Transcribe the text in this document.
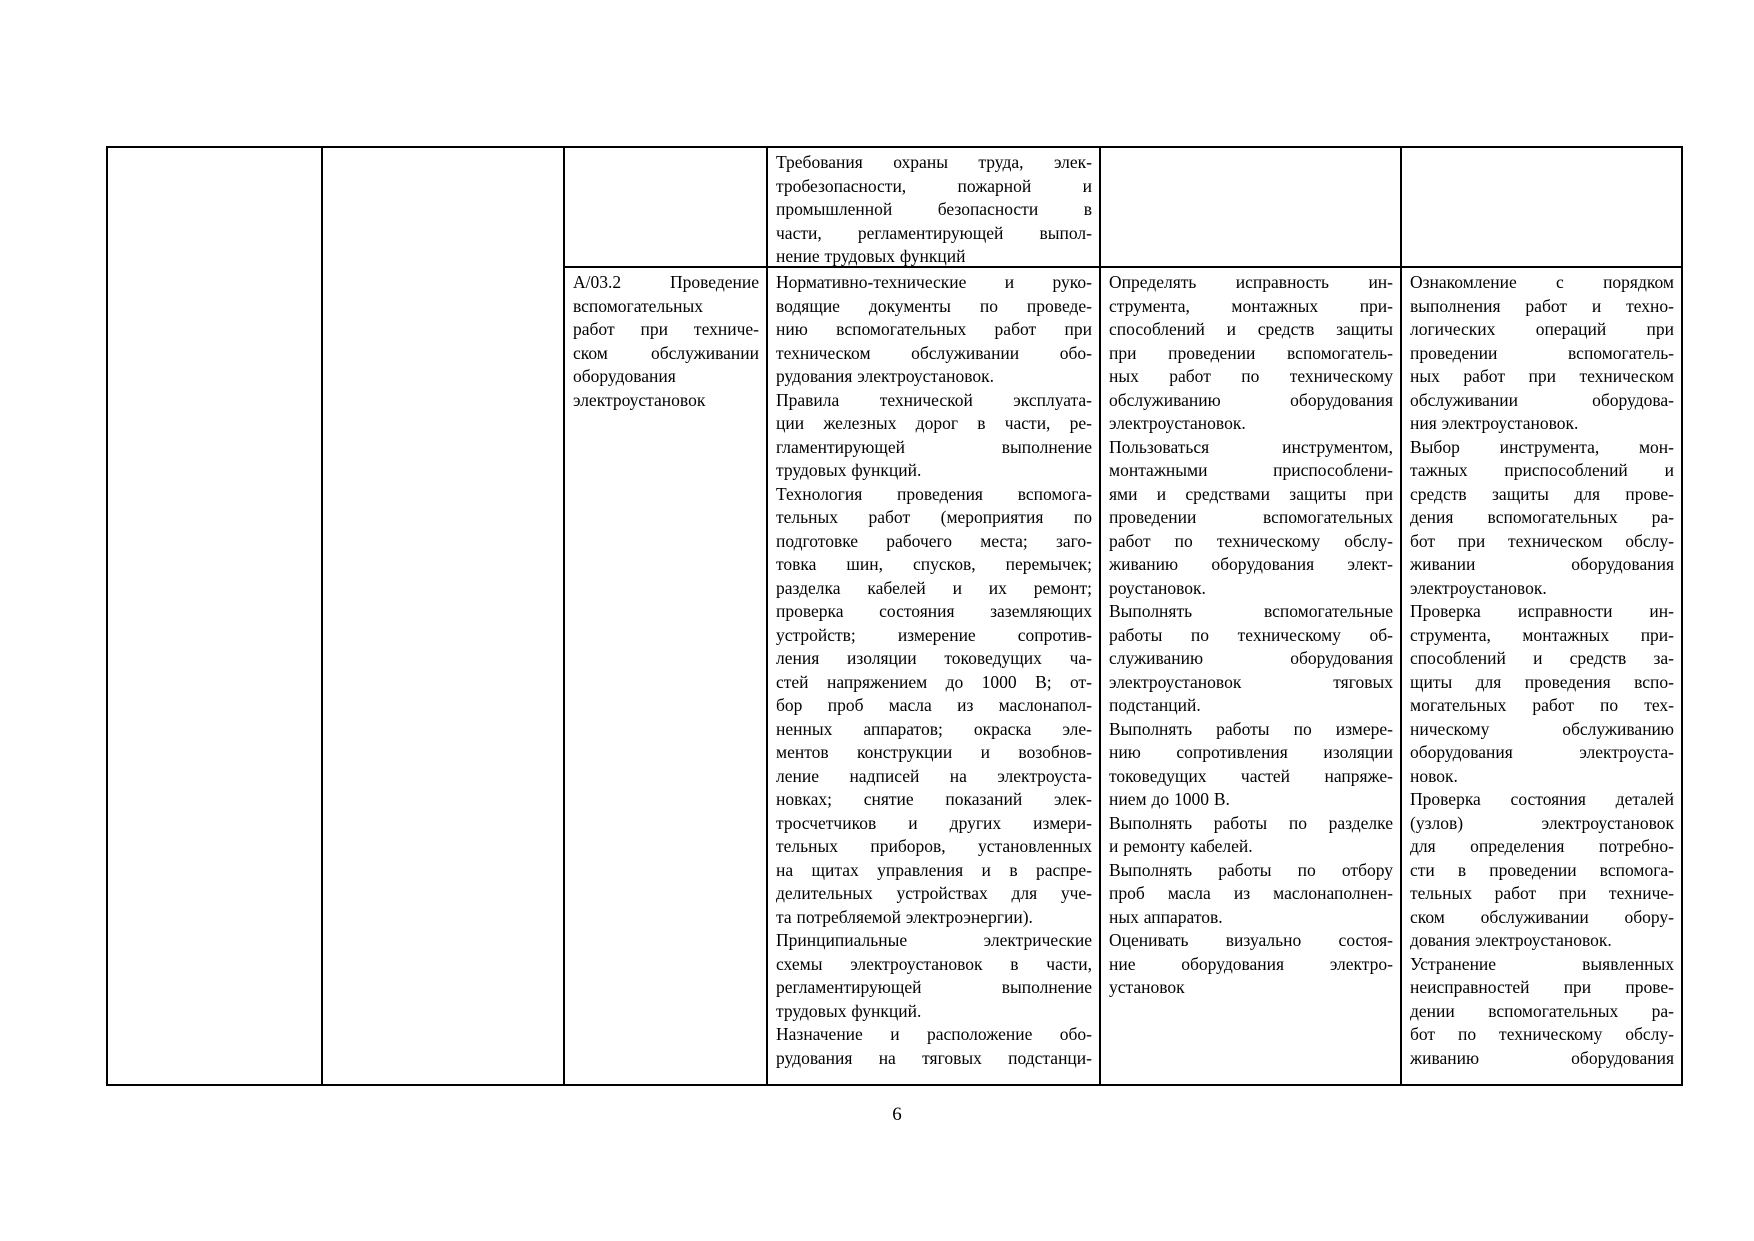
Требования охраны труда, элек-
тробезопасности, пожарной и
промышленной безопасности в
части, регламентирующей выпол-
нение трудовых функций
А/03.2 Проведение
вспомогательных
работ при техниче-
ском обслуживании
оборудования
электроустановок
Нормативно-технические и руко-
водящие документы по проведе-
нию вспомогательных работ при
техническом обслуживании обо-
рудования электроустановок.
Правила технической эксплуата-
ции железных дорог в части, ре-
гламентирующей выполнение
трудовых функций.
Технология проведения вспомога-
тельных работ (мероприятия по
подготовке рабочего места; заго-
товка шин, спусков, перемычек;
разделка кабелей и их ремонт;
проверка состояния заземляющих
устройств; измерение сопротив-
ления изоляции токоведущих ча-
стей напряжением до 1000 В; от-
бор проб масла из маслонапол-
ненных аппаратов; окраска эле-
ментов конструкции и возобнов-
ление надписей на электроуста-
новках; снятие показаний элек-
тросчетчиков и других измери-
тельных приборов, установленных
на щитах управления и в распре-
делительных устройствах для уче-
та потребляемой электроэнергии).
Принципиальные электрические
схемы электроустановок в части,
регламентирующей выполнение
трудовых функций.
Назначение и расположение обо-
рудования на тяговых подстанци-
Определять исправность ин-
струмента, монтажных при-
способлений и средств защиты
при проведении вспомогатель-
ных работ по техническому
обслуживанию оборудования
электроустановок.
Пользоваться инструментом,
монтажными приспособлени-
ями и средствами защиты при
проведении вспомогательных
работ по техническому обслу-
живанию оборудования элект-
роустановок.
Выполнять вспомогательные
работы по техническому об-
служиванию оборудования
электроустановок тяговых
подстанций.
Выполнять работы по измере-
нию сопротивления изоляции
токоведущих частей напряже-
нием до 1000 В.
Выполнять работы по разделке
и ремонту кабелей.
Выполнять работы по отбору
проб масла из маслонаполнен-
ных аппаратов.
Оценивать визуально состоя-
ние оборудования электро-
установок
Ознакомление с порядком
выполнения работ и техно-
логических операций при
проведении вспомогатель-
ных работ при техническом
обслуживании оборудова-
ния электроустановок.
Выбор инструмента, мон-
тажных приспособлений и
средств защиты для прове-
дения вспомогательных ра-
бот при техническом обслу-
живании оборудования
электроустановок.
Проверка исправности ин-
струмента, монтажных при-
способлений и средств за-
щиты для проведения вспо-
могательных работ по тех-
ническому обслуживанию
оборудования электроуста-
новок.
Проверка состояния деталей
(узлов) электроустановок
для определения потребно-
сти в проведении вспомога-
тельных работ при техниче-
ском обслуживании обору-
дования электроустановок.
Устранение выявленных
неисправностей при прове-
дении вспомогательных ра-
бот по техническому обслу-
живанию оборудования
6
